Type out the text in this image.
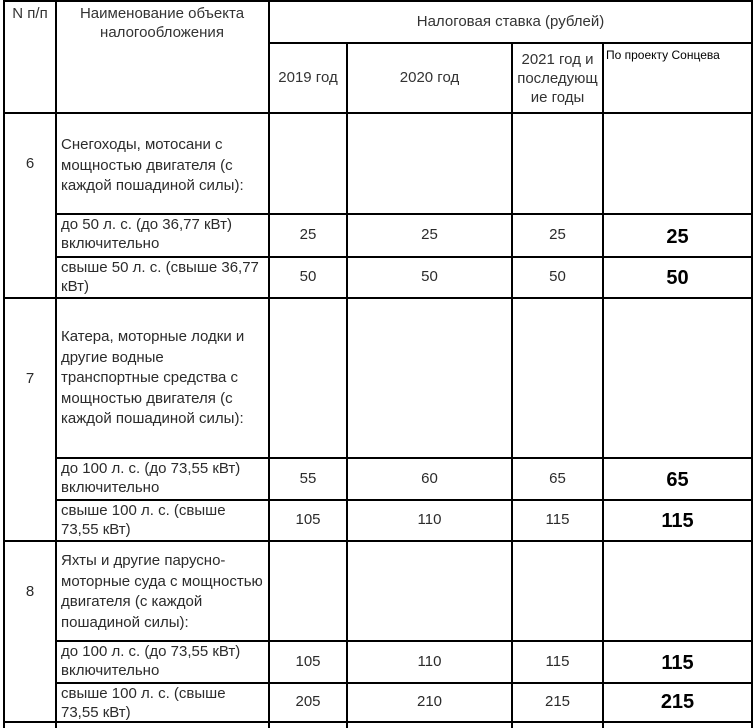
N п/п	Наименование объекта налогообложения
Налоговая ставка (рублей)
2019 год	2020 год
2021 год и последующие годы
По проекту Сонцева
6
Снегоходы, мотосани с мощностью двигателя (с каждой пошадиной силы):
до 50 л. с. (до 36,77 кВт) включительно
25	25	25	25
свыше 50 л. с. (свыше 36,77 кВт)
50	50	50	50
7
Катера, моторные лодки и другие водные транспортные средства с мощностью двигателя (с каждой пошадиной силы):
до 100 л. с. (до 73,55 кВт) включительно
55	60	65	65
свыше 100 л. с. (свыше 73,55 кВт)
105	110	115	115
8
Яхты и другие парусно-моторные суда с мощностью двигателя (с каждой пошадиной силы):
до 100 л. с. (до 73,55 кВт) включительно
105	110	115	115
свыше 100 л. с. (свыше 73,55 кВт)
205	210	215	215
